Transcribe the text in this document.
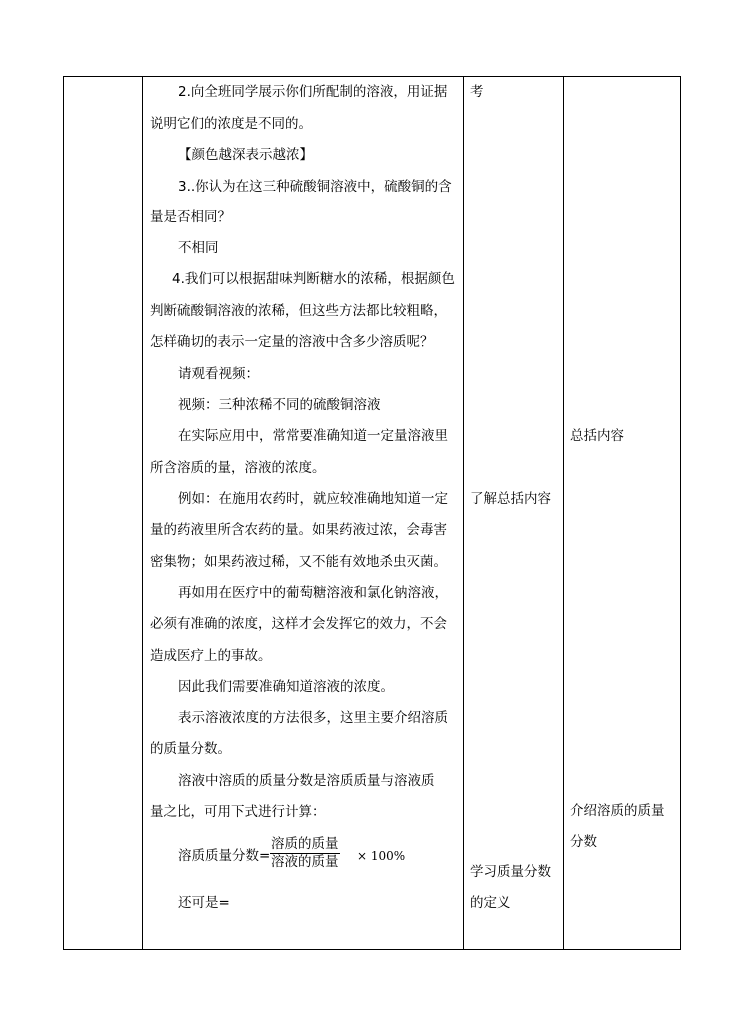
2.向全班同学展示你们所配制的溶液，用证据
说明它们的浓度是不同的。
【颜色越深表示越浓】
3..你认为在这三种硫酸铜溶液中，硫酸铜的含
量是否相同？
不相同
4.我们可以根据甜味判断糖水的浓稀，根据颜色
判断硫酸铜溶液的浓稀，但这些方法都比较粗略，
怎样确切的表示一定量的溶液中含多少溶质呢？
请观看视频：
视频：三种浓稀不同的硫酸铜溶液
在实际应用中，常常要准确知道一定量溶液里
所含溶质的量，溶液的浓度。
例如：在施用农药时，就应较准确地知道一定
量的药液里所含农药的量。如果药液过浓，会毒害
密集物；如果药液过稀，又不能有效地杀虫灭菌。
再如用在医疗中的葡萄糖溶液和氯化钠溶液，
必须有准确的浓度，这样才会发挥它的效力，不会
造成医疗上的事故。
因此我们需要准确知道溶液的浓度。
表示溶液浓度的方法很多，这里主要介绍溶质
的质量分数。
溶液中溶质的质量分数是溶质质量与溶液质
量之比，可用下式进行计算：
溶质质量分数=
溶质的质量
溶液的质量 × 100%
还可是=
考
了解总括内容
学习质量分数
的定义
总括内容
介绍溶质的质量
分数
